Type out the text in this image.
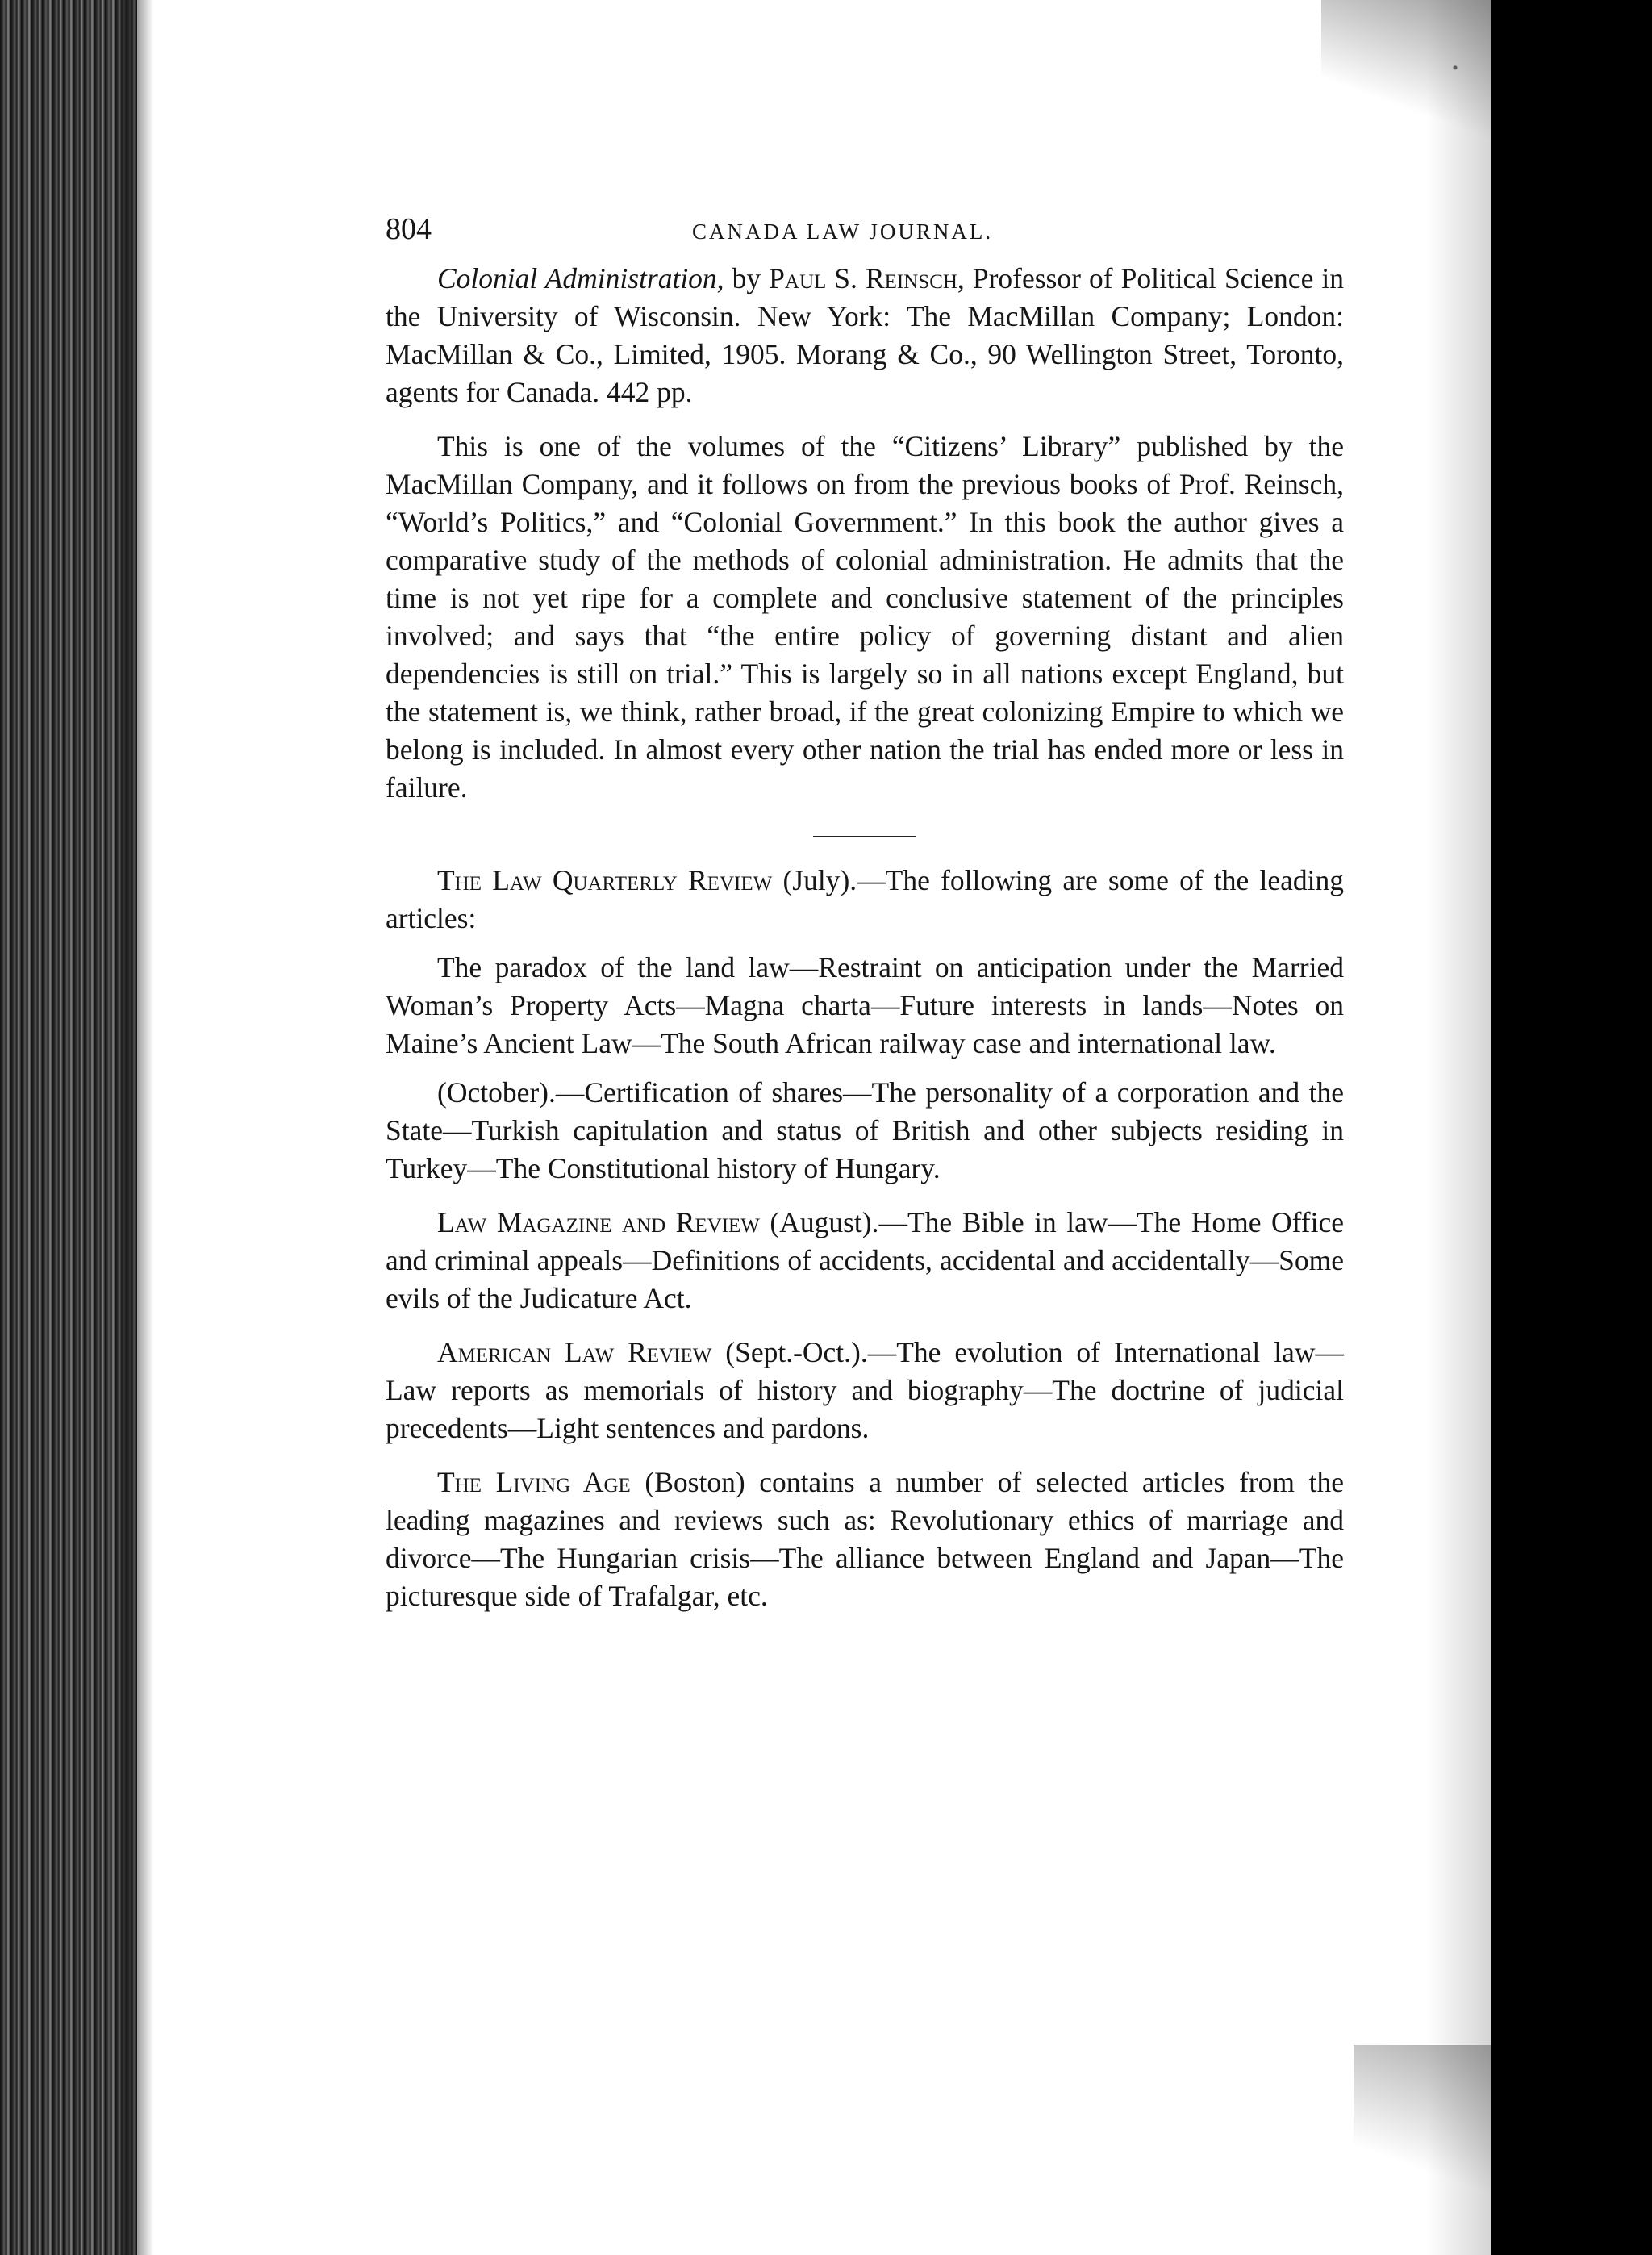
804	CANADA LAW JOURNAL.

Colonial Administration, by Paul S. Reinsch, Professor of Political Science in the University of Wisconsin. New York: The MacMillan Company; London: MacMillan & Co., Limited, 1905. Morang & Co., 90 Wellington Street, Toronto, agents for Canada. 442 pp.

This is one of the volumes of the “Citizens’ Library” published by the MacMillan Company, and it follows on from the previous books of Prof. Reinsch, “World’s Politics,” and “Colonial Government.” In this book the author gives a comparative study of the methods of colonial administration. He admits that the time is not yet ripe for a complete and conclusive statement of the principles involved; and says that “the entire policy of governing distant and alien dependencies is still on trial.” This is largely so in all nations except England, but the statement is, we think, rather broad, if the great colonizing Empire to which we belong is included. In almost every other nation the trial has ended more or less in failure.

The Law Quarterly Review (July).—The following are some of the leading articles:

The paradox of the land law—Restraint on anticipation under the Married Woman’s Property Acts—Magna charta—Future interests in lands—Notes on Maine’s Ancient Law—The South African railway case and international law.

(October).—Certification of shares—The personality of a corporation and the State—Turkish capitulation and status of British and other subjects residing in Turkey—The Constitutional history of Hungary.

Law Magazine and Review (August).—The Bible in law—The Home Office and criminal appeals—Definitions of accidents, accidental and accidentally—Some evils of the Judicature Act.

American Law Review (Sept.-Oct.).—The evolution of International law—Law reports as memorials of history and biography—The doctrine of judicial precedents—Light sentences and pardons.

The Living Age (Boston) contains a number of selected articles from the leading magazines and reviews such as: Revolutionary ethics of marriage and divorce—The Hungarian crisis—The alliance between England and Japan—The picturesque side of Trafalgar, etc.
